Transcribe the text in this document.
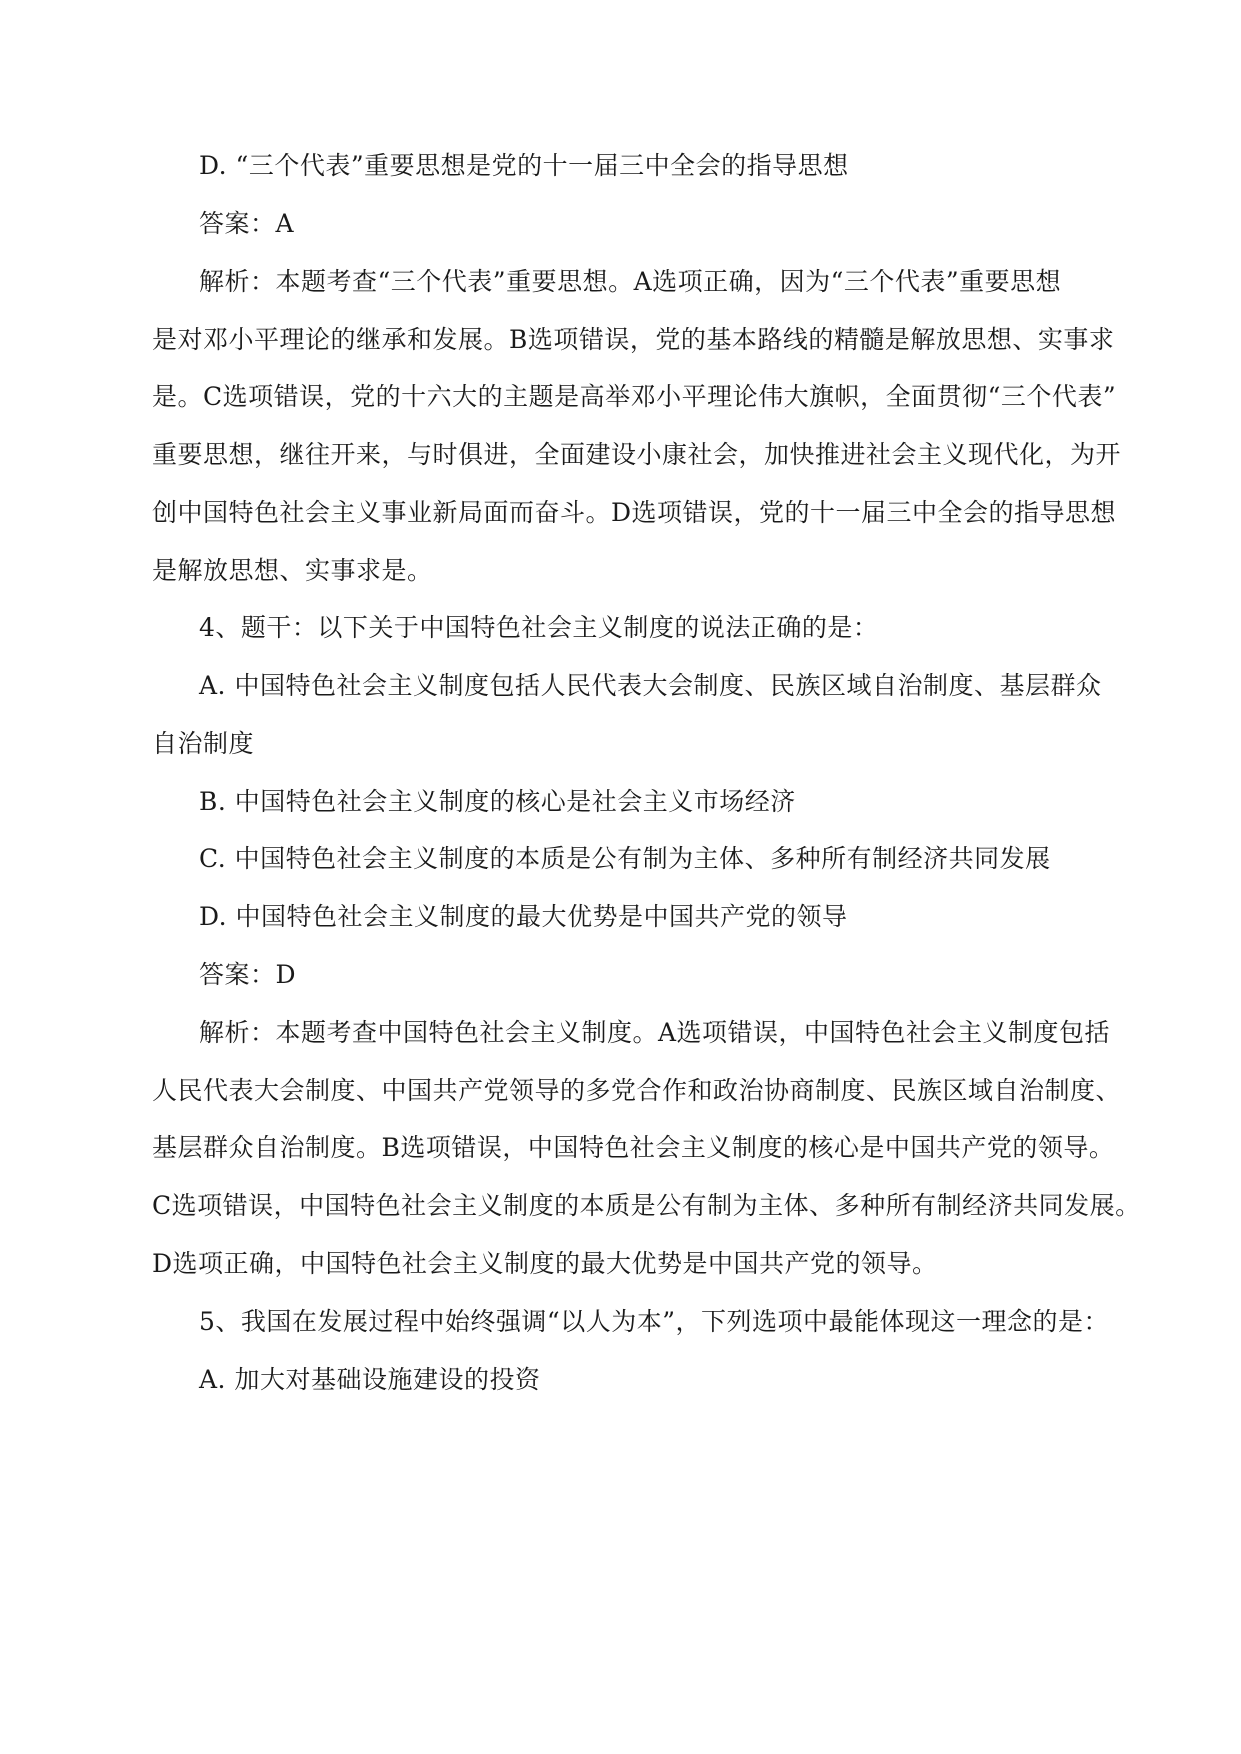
D. “三个代表”重要思想是党的十一届三中全会的指导思想
答案：A
解析：本题考查“三个代表”重要思想。A选项正确，因为“三个代表”重要思想
是对邓小平理论的继承和发展。B选项错误，党的基本路线的精髓是解放思想、实事求
是。C选项错误，党的十六大的主题是高举邓小平理论伟大旗帜，全面贯彻“三个代表”
重要思想，继往开来，与时俱进，全面建设小康社会，加快推进社会主义现代化，为开
创中国特色社会主义事业新局面而奋斗。D选项错误，党的十一届三中全会的指导思想
是解放思想、实事求是。
4、题干：以下关于中国特色社会主义制度的说法正确的是：
A. 中国特色社会主义制度包括人民代表大会制度、民族区域自治制度、基层群众
自治制度
B. 中国特色社会主义制度的核心是社会主义市场经济
C. 中国特色社会主义制度的本质是公有制为主体、多种所有制经济共同发展
D. 中国特色社会主义制度的最大优势是中国共产党的领导
答案：D
解析：本题考查中国特色社会主义制度。A选项错误，中国特色社会主义制度包括
人民代表大会制度、中国共产党领导的多党合作和政治协商制度、民族区域自治制度、
基层群众自治制度。B选项错误，中国特色社会主义制度的核心是中国共产党的领导。
C选项错误，中国特色社会主义制度的本质是公有制为主体、多种所有制经济共同发展。
D选项正确，中国特色社会主义制度的最大优势是中国共产党的领导。
5、我国在发展过程中始终强调“以人为本”，下列选项中最能体现这一理念的是：
A. 加大对基础设施建设的投资
